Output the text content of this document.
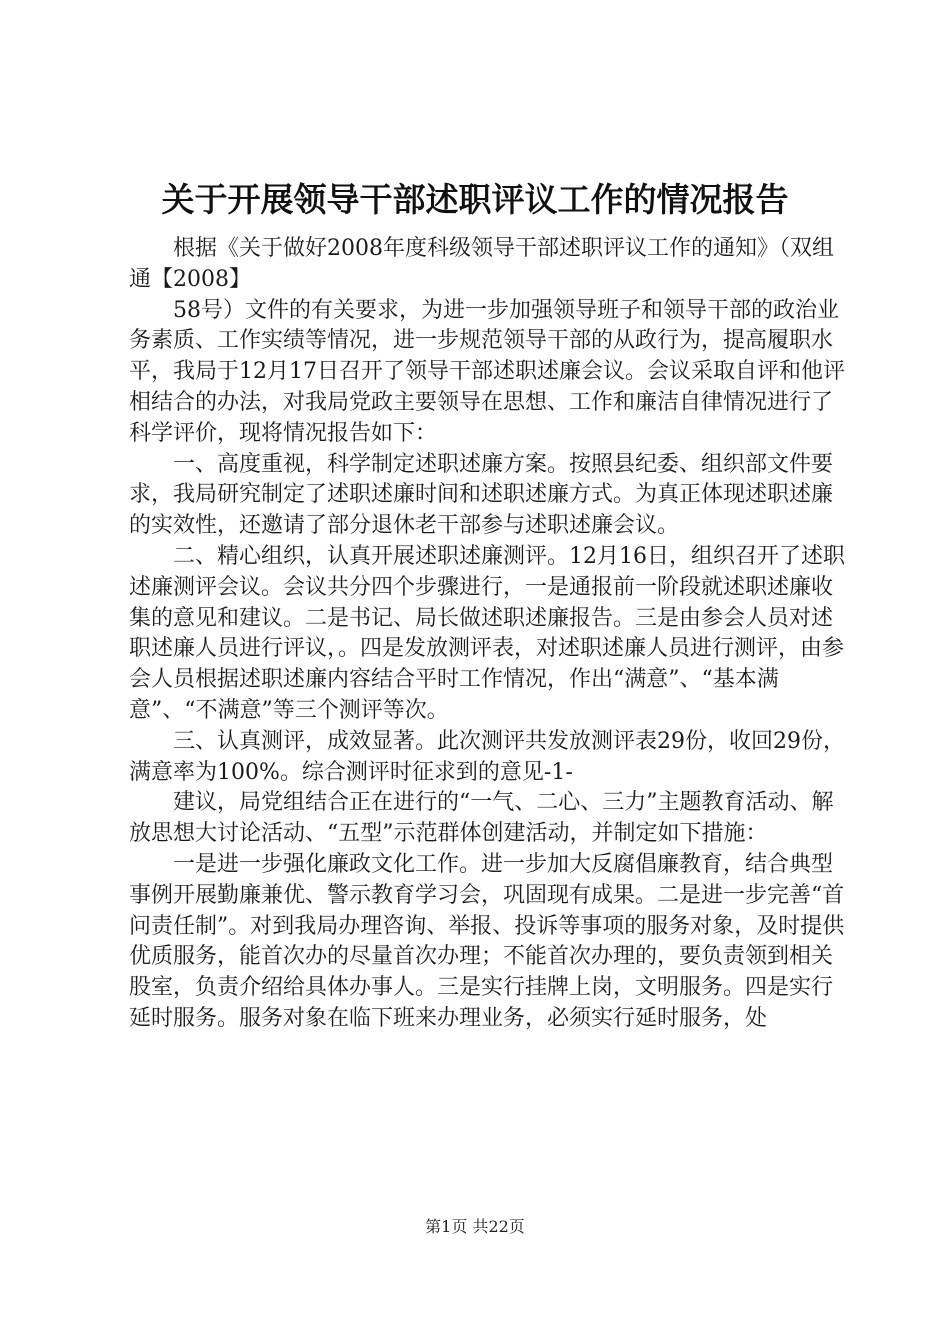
关于开展领导干部述职评议工作的情况报告

根据《关于做好2008年度科级领导干部述职评议工作的通知》（双组通【2008】

58号）文件的有关要求，为进一步加强领导班子和领导干部的政治业务素质、工作实绩等情况，进一步规范领导干部的从政行为，提高履职水平，我局于12月17日召开了领导干部述职述廉会议。会议采取自评和他评相结合的办法，对我局党政主要领导在思想、工作和廉洁自律情况进行了科学评价，现将情况报告如下：

一、高度重视，科学制定述职述廉方案。按照县纪委、组织部文件要求，我局研究制定了述职述廉时间和述职述廉方式。为真正体现述职述廉的实效性，还邀请了部分退休老干部参与述职述廉会议。

二、精心组织，认真开展述职述廉测评。12月16日，组织召开了述职述廉测评会议。会议共分四个步骤进行，一是通报前一阶段就述职述廉收集的意见和建议。二是书记、局长做述职述廉报告。三是由参会人员对述职述廉人员进行评议，。四是发放测评表，对述职述廉人员进行测评，由参会人员根据述职述廉内容结合平时工作情况，作出“满意”、“基本满意”、“不满意”等三个测评等次。

三、认真测评，成效显著。此次测评共发放测评表29份，收回29份，满意率为100%。综合测评时征求到的意见-1-

建议，局党组结合正在进行的“一气、二心、三力”主题教育活动、解放思想大讨论活动、“五型”示范群体创建活动，并制定如下措施：

一是进一步强化廉政文化工作。进一步加大反腐倡廉教育，结合典型事例开展勤廉兼优、警示教育学习会，巩固现有成果。二是进一步完善“首问责任制”。对到我局办理咨询、举报、投诉等事项的服务对象，及时提供优质服务，能首次办的尽量首次办理；不能首次办理的，要负责领到相关股室，负责介绍给具体办事人。三是实行挂牌上岗，文明服务。四是实行延时服务。服务对象在临下班来办理业务，必须实行延时服务，处

第1页 共22页
